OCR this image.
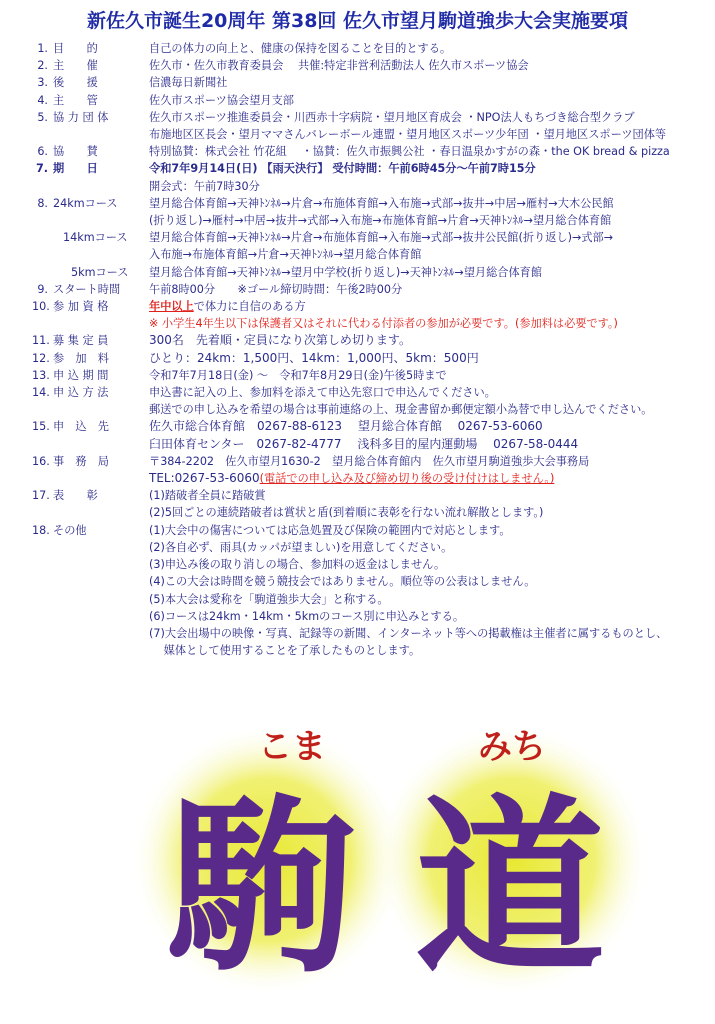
新佐久市誕生20周年 第38回 佐久市望月駒道強歩大会実施要項
1. 目　　的	自己の体力の向上と、健康の保持を図ることを目的とする。
2. 主　　催	佐久市・佐久市教育委員会　 共催:特定非営利活動法人 佐久市スポーツ協会
3. 後　　援	信濃毎日新聞社
4. 主　　管	佐久市スポーツ協会望月支部
5. 協 力 団 体	佐久市スポーツ推進委員会・川西赤十字病院・望月地区育成会 ・NPO法人もちづき総合型クラブ
布施地区区長会・望月ママさんバレーボール連盟・望月地区スポーツ少年団 ・望月地区スポーツ団体等
6. 協　　賛	特別協賛：株式会社 竹花組　 ・協賛：佐久市振興公社 ・春日温泉かすがの森・the OK bread & pizza
7. 期　　日	令和7年9月14日(日) 【雨天決行】 受付時間：午前6時45分～午前7時15分
開会式：午前7時30分
8. 24kmコース	望月総合体育館→天神ﾄﾝﾈﾙ→片倉→布施体育館→入布施→式部→抜井→中居→雁村→大木公民館
(折り返し)→雁村→中居→抜井→式部→入布施→布施体育館→片倉→天神ﾄﾝﾈﾙ→望月総合体育館
14kmコース	望月総合体育館→天神ﾄﾝﾈﾙ→片倉→布施体育館→入布施→式部→抜井公民館(折り返し)→式部→
入布施→布施体育館→片倉→天神ﾄﾝﾈﾙ→望月総合体育館
5kmコース	望月総合体育館→天神ﾄﾝﾈﾙ→望月中学校(折り返し)→天神ﾄﾝﾈﾙ→望月総合体育館
9. スタート時間	午前8時00分　　※ゴール締切時間：午後2時00分
10. 参 加 資 格	年中以上で体力に自信のある方
※ 小学生4年生以下は保護者又はそれに代わる付添者の参加が必要です。(参加料は必要です。)
11. 募 集 定 員	300名　先着順・定員になり次第しめ切ります。
12. 参　加　料	ひとり：24km：1,500円、14km：1,000円、5km：500円
13. 申 込 期 間	令和7年7月18日(金) ～　令和7年8月29日(金)午後5時まで
14. 申 込 方 法	申込書に記入の上、参加料を添えて申込先窓口で申込んでください。
郵送での申し込みを希望の場合は事前連絡の上、現金書留か郵便定額小為替で申し込んでください。
15. 申　込　先	佐久市総合体育館　0267-88-6123　 望月総合体育館　 0267-53-6060
臼田体育センター　0267-82-4777　 浅科多目的屋内運動場　 0267-58-0444
16. 事　務　局	〒384-2202　佐久市望月1630-2　望月総合体育館内　佐久市望月駒道強歩大会事務局
TEL:0267-53-6060(電話での申し込み及び締め切り後の受け付けはしません。)
17. 表　　彰	(1)踏破者全員に踏破賞
(2)5回ごとの連続踏破者は賞状と盾(到着順に表彰を行ない流れ解散とします。)
18. その他	(1)大会中の傷害については応急処置及び保険の範囲内で対応とします。
(2)各自必ず、雨具(カッパが望ましい)を用意してください。
(3)申込み後の取り消しの場合、参加料の返金はしません。
(4)この大会は時間を競う競技会ではありません。順位等の公表はしません。
(5)本大会は愛称を「駒道強歩大会」と称する。
(6)コースは24km・14km・5kmのコース別に申込みとする。
(7)大会出場中の映像・写真、記録等の新聞、インターネット等への掲載権は主催者に属するものとし、
　 媒体として使用することを了承したものとします。
こま	みち
駒 道
